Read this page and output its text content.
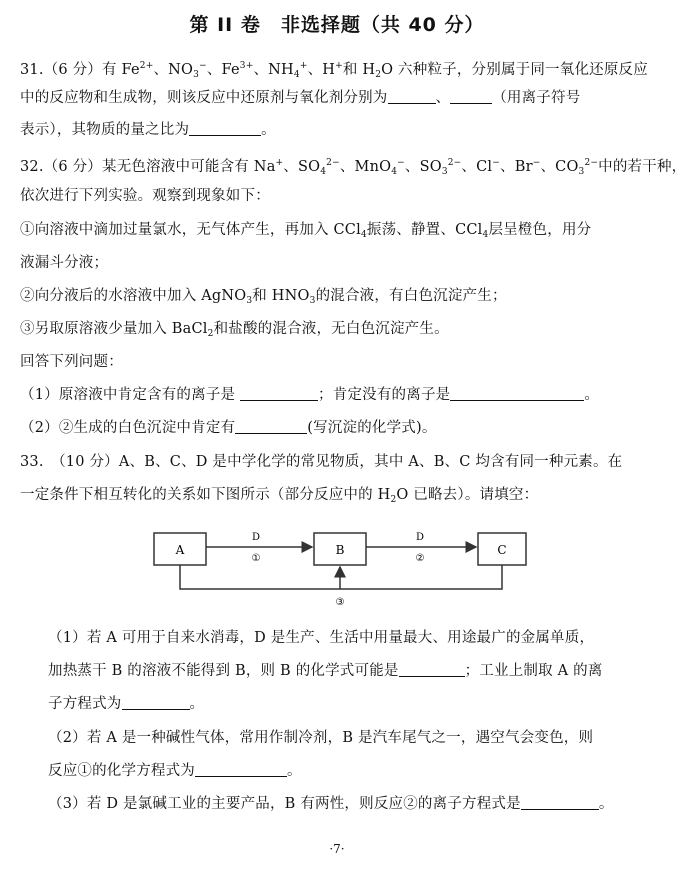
第 II 卷　非选择题（共 40 分）
31.（6 分）有 $Fe^{2+}$、$NO_3^-$、$Fe^{3+}$、$NH_4^+$、H+和 $H_2O$ 六种粒子，分别属于同一氧化还原反应
中的反应物和生成物，则该反应中还原剂与氧化剂分别为	、	（用离子符号
表示），其物质的量之比为	。
32.（6 分）某无色溶液中可能含有 Na+、$SO_4^{2-}$、MnO$_4$−、$SO_3^{2-}$、Cl−、Br−、$CO_3^{2-}$中的若干种，
依次进行下列实验。观察到现象如下：
①向溶液中滴加过量氯水，无气体产生，再加入 CCl$_4$振荡、静置、CCl$_4$层呈橙色，用分
液漏斗分液；
②向分液后的水溶液中加入 AgNO$_3$和 $HNO_3$的混合液，有白色沉淀产生；
③另取原溶液少量加入 BaCl$_2$和盐酸的混合液，无白色沉淀产生。
回答下列问题：
（1）原溶液中肯定含有的离子是	；肯定没有的离子是	。
（2）②生成的白色沉淀中肯定有	(写沉淀的化学式)。
33.　（10 分）A、B、C、D 是中学化学的常见物质，其中 A、B、C 均含有同一种元素。在
一定条件下相互转化的关系如下图所示（部分反应中的 $H_2O$ 已略去）。请填空：
A	B	C
D
①
D
②
③
（1）若 A 可用于自来水消毒，D 是生产、生活中用量最大、用途最广的金属单质，
加热蒸干 B 的溶液不能得到 B，则 B 的化学式可能是	；工业上制取 A 的离
子方程式为	。
（2）若 A 是一种碱性气体，常用作制冷剂，B 是汽车尾气之一，遇空气会变色，则
反应①的化学方程式为	。
（3）若 D 是氯碱工业的主要产品，B 有两性，则反应②的离子方程式是	。
·7·
